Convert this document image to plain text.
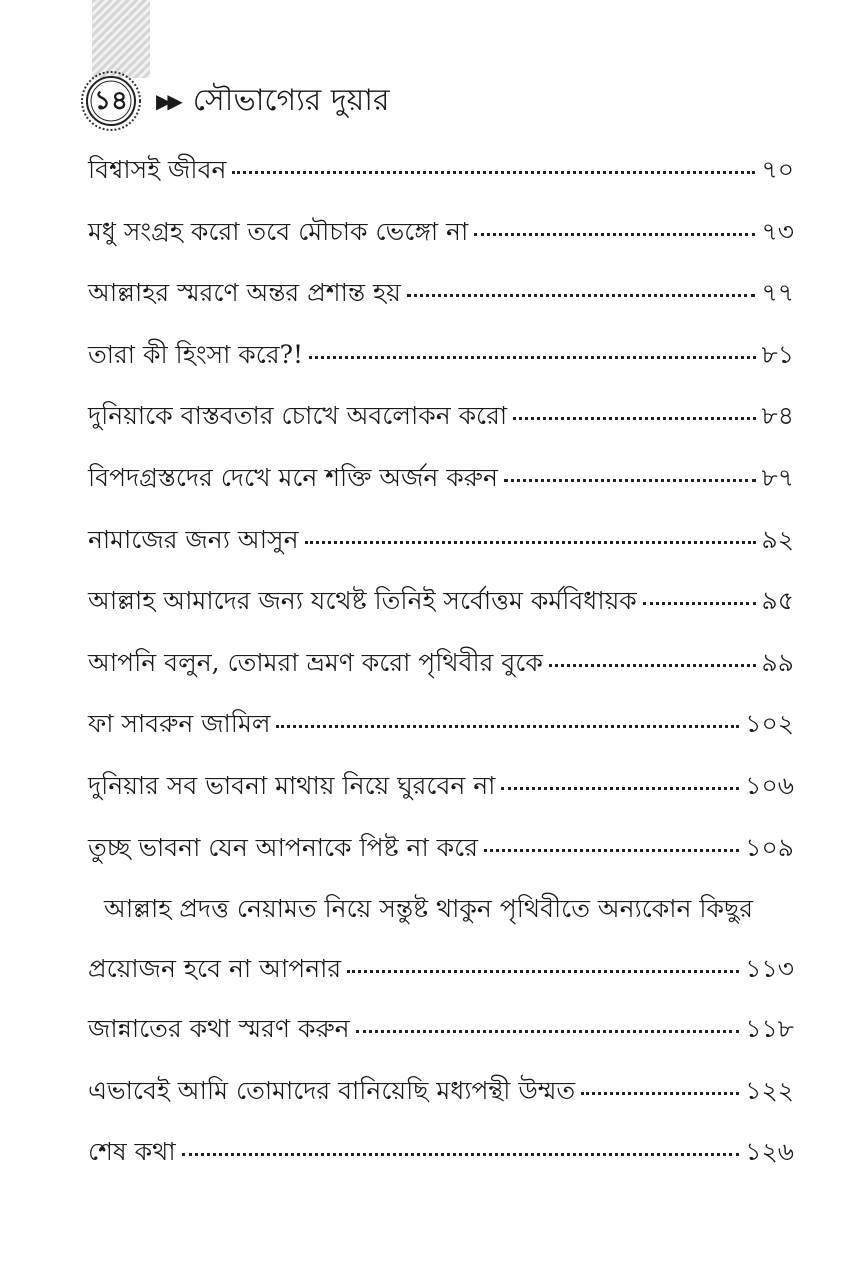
১৪ ▶▶ সৌভাগ্যের দুয়ার
বিশ্বাসই জীবন	৭০
মধু সংগ্রহ করো তবে মৌচাক ভেঙ্গো না	৭৩
আল্লাহর স্মরণে অন্তর প্রশান্ত হয়	৭৭
তারা কী হিংসা করে?!	৮১
দুনিয়াকে বাস্তবতার চোখে অবলোকন করো	৮৪
বিপদগ্রস্তদের দেখে মনে শক্তি অর্জন করুন	৮৭
নামাজের জন্য আসুন	৯২
আল্লাহ আমাদের জন্য যথেষ্ট তিনিই সর্বোত্তম কর্মবিধায়ক	৯৫
আপনি বলুন, তোমরা ভ্রমণ করো পৃথিবীর বুকে	৯৯
ফা সাবরুন জামিল	১০২
দুনিয়ার সব ভাবনা মাথায় নিয়ে ঘুরবেন না	১০৬
তুচ্ছ ভাবনা যেন আপনাকে পিষ্ট না করে	১০৯
আল্লাহ প্রদত্ত নেয়ামত নিয়ে সন্তুষ্ট থাকুন পৃথিবীতে অন্যকোন কিছুর
প্রয়োজন হবে না আপনার	১১৩
জান্নাতের কথা স্মরণ করুন	১১৮
এভাবেই আমি তোমাদের বানিয়েছি মধ্যপন্থী উম্মত	১২২
শেষ কথা	১২৬
